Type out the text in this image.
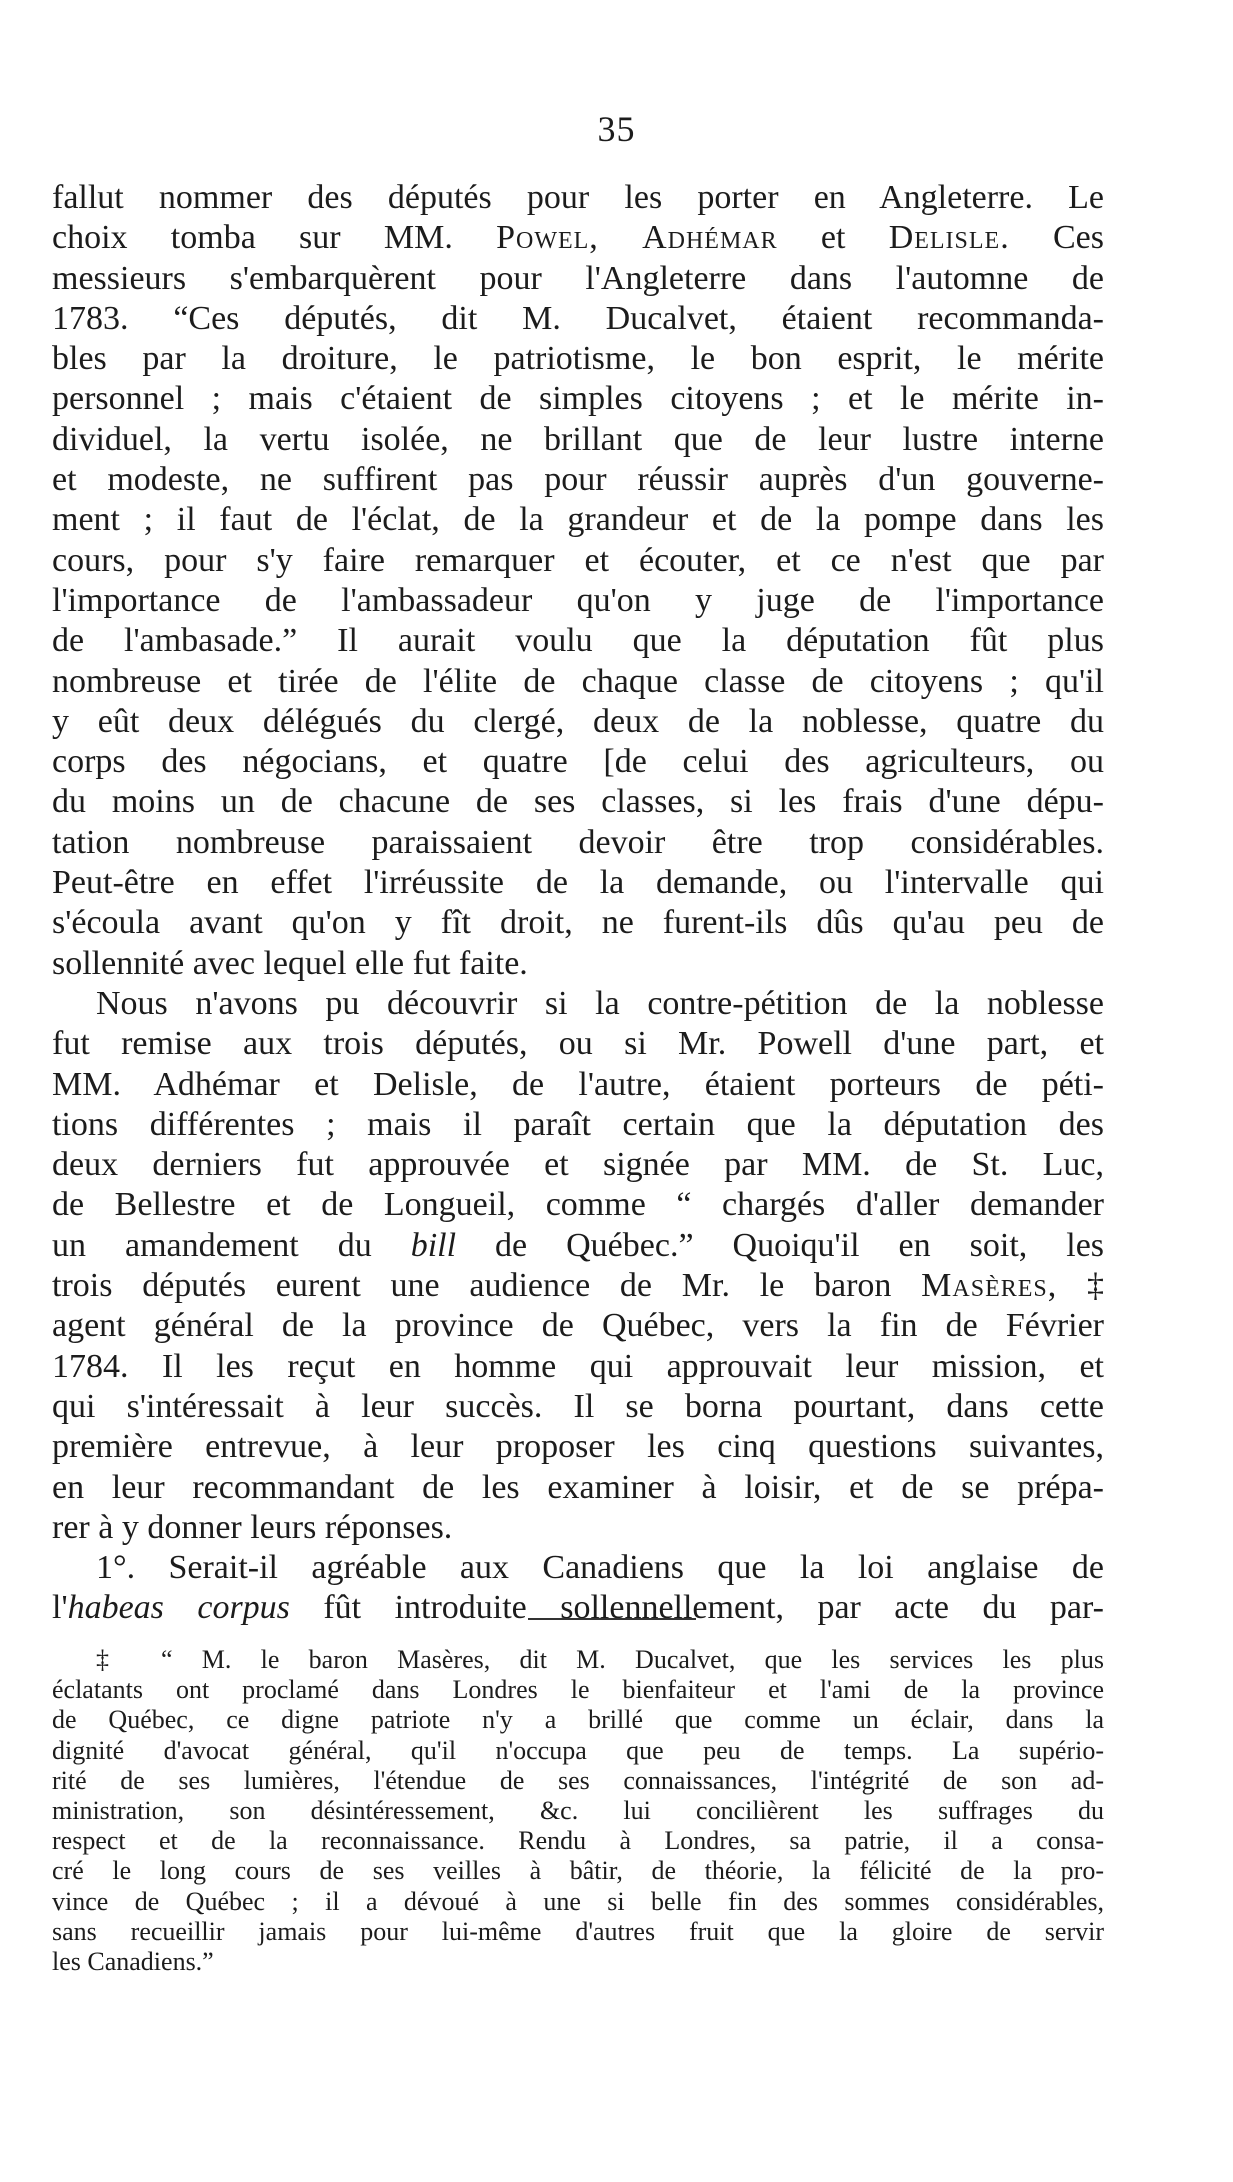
35
fallut nommer des députés pour les porter en Angleterre. Le
choix tomba sur MM. Powel, Adhémar et Delisle. Ces
messieurs s'embarquèrent pour l'Angleterre dans l'automne de
1783. “Ces députés, dit M. Ducalvet, étaient recommanda-
bles par la droiture, le patriotisme, le bon esprit, le mérite
personnel ; mais c'étaient de simples citoyens ; et le mérite in-
dividuel, la vertu isolée, ne brillant que de leur lustre interne
et modeste, ne suffirent pas pour réussir auprès d'un gouverne-
ment ; il faut de l'éclat, de la grandeur et de la pompe dans les
cours, pour s'y faire remarquer et écouter, et ce n'est que par
l'importance de l'ambassadeur qu'on y juge de l'importance
de l'ambasade.” Il aurait voulu que la députation fût plus
nombreuse et tirée de l'élite de chaque classe de citoyens ; qu'il
y eût deux délégués du clergé, deux de la noblesse, quatre du
corps des négocians, et quatre [de celui des agriculteurs, ou
du moins un de chacune de ses classes, si les frais d'une dépu-
tation nombreuse paraissaient devoir être trop considérables.
Peut-être en effet l'irréussite de la demande, ou l'intervalle qui
s'écoula avant qu'on y fît droit, ne furent-ils dûs qu'au peu de
sollennité avec lequel elle fut faite.
Nous n'avons pu découvrir si la contre-pétition de la noblesse
fut remise aux trois députés, ou si Mr. Powell d'une part, et
MM. Adhémar et Delisle, de l'autre, étaient porteurs de péti-
tions différentes ; mais il paraît certain que la députation des
deux derniers fut approuvée et signée par MM. de St. Luc,
de Bellestre et de Longueil, comme “ chargés d'aller demander
un amandement du bill de Québec.” Quoiqu'il en soit, les
trois députés eurent une audience de Mr. le baron Masères, ‡
agent général de la province de Québec, vers la fin de Février
1784. Il les reçut en homme qui approuvait leur mission, et
qui s'intéressait à leur succès. Il se borna pourtant, dans cette
première entrevue, à leur proposer les cinq questions suivantes,
en leur recommandant de les examiner à loisir, et de se prépa-
rer à y donner leurs réponses.
1°. Serait-il agréable aux Canadiens que la loi anglaise de
l'habeas corpus fût introduite sollennellement, par acte du par-
‡ “ M. le baron Masères, dit M. Ducalvet, que les services les plus
éclatants ont proclamé dans Londres le bienfaiteur et l'ami de la province
de Québec, ce digne patriote n'y a brillé que comme un éclair, dans la
dignité d'avocat général, qu'il n'occupa que peu de temps. La supério-
rité de ses lumières, l'étendue de ses connaissances, l'intégrité de son ad-
ministration, son désintéressement, &c. lui concilièrent les suffrages du
respect et de la reconnaissance. Rendu à Londres, sa patrie, il a consa-
cré le long cours de ses veilles à bâtir, de théorie, la félicité de la pro-
vince de Québec ; il a dévoué à une si belle fin des sommes considérables,
sans recueillir jamais pour lui-même d'autres fruit que la gloire de servir
les Canadiens.”
